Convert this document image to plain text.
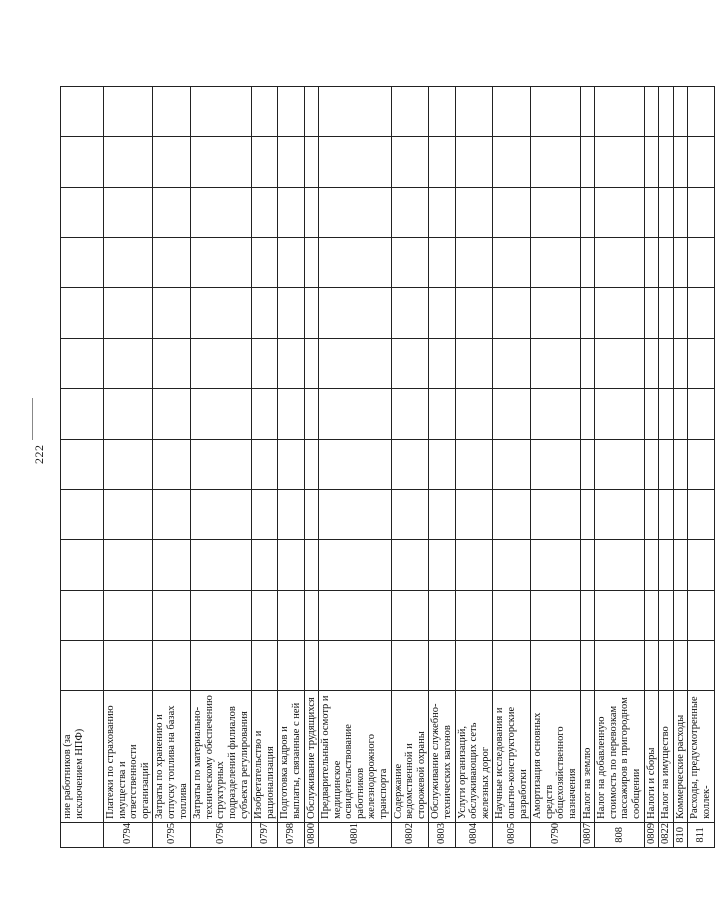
222
	ние работников (за исключением НПФ)												
0794	Платежи по страхованию имущества и ответственности организаций												
0795	Затраты по хранению и отпуску топлива на базах топлива												
0796	Затраты по материально-техническому обеспечению структурных подразделений филиалов субъекта регулирования												
0797	Изобретательство и рационализация												
0798	Подготовка кадров и выплаты, связанные с ней												
0800	Обслуживание трудящихся												
0801	Предварительный осмотр и медицинское освидетельствование работников железнодорожного транспорта												
0802	Содержание ведомственной и сторожевой охраны												
0803	Обслуживание служебно-технических вагонов												
0804	Услуги организаций, обслуживающих сеть железных дорог												
0805	Научные исследования и опытно-конструкторские разработки												
0790	Амортизация основных средств общехозяйственного назначения												
0807	Налог на землю												
808	Налог на добавленную стоимость по перевозкам пассажиров в пригородном сообщении												
0809	Налоги и сборы												
0822	Налог на имущество												
810	Коммерческие расходы												
811	Расходы, предусмотренные коллек-												
